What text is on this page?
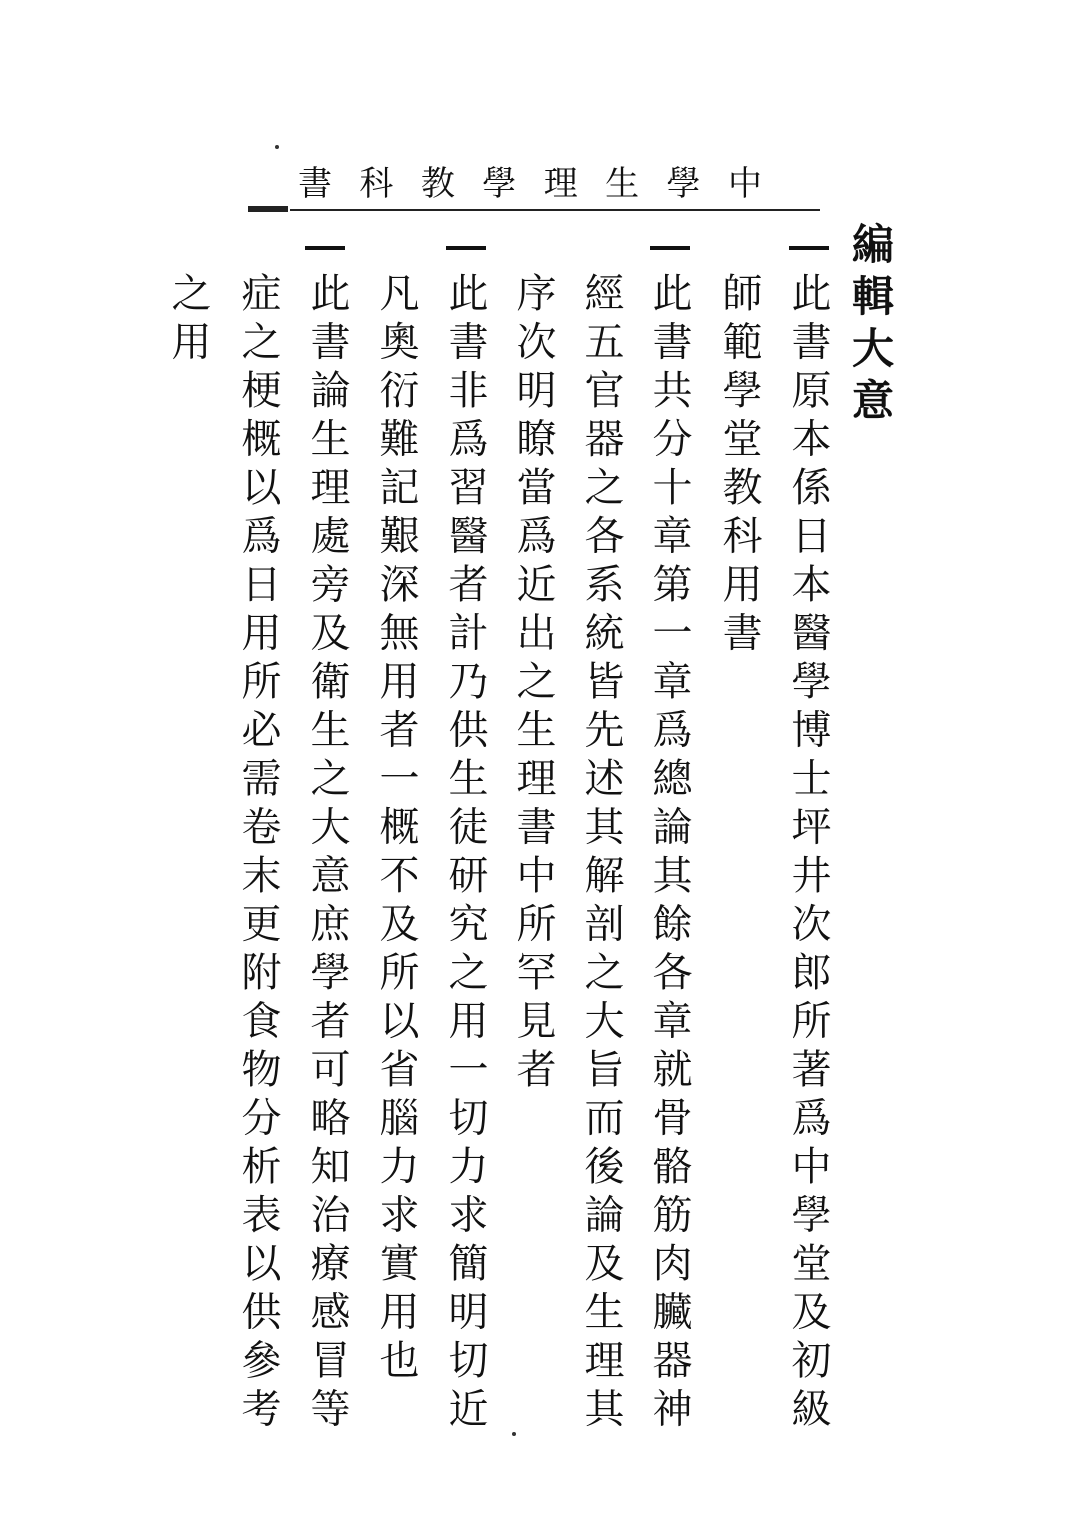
中
學
生
理
學
教
科
書
編輯大意
此書原本係日本醫學博士坪井次郎所著爲中學堂及初級
師範學堂教科用書
此書共分十章第一章爲總論其餘各章就骨骼筋肉臟器神
經五官器之各系統皆先述其解剖之大旨而後論及生理其
序次明瞭當爲近出之生理書中所罕見者
此書非爲習醫者計乃供生徒研究之用一切力求簡明切近
凡奧衍難記艱深無用者一概不及所以省腦力求實用也
此書論生理處旁及衛生之大意庶學者可略知治療感冒等
症之梗概以爲日用所必需卷末更附食物分析表以供參考
之用
